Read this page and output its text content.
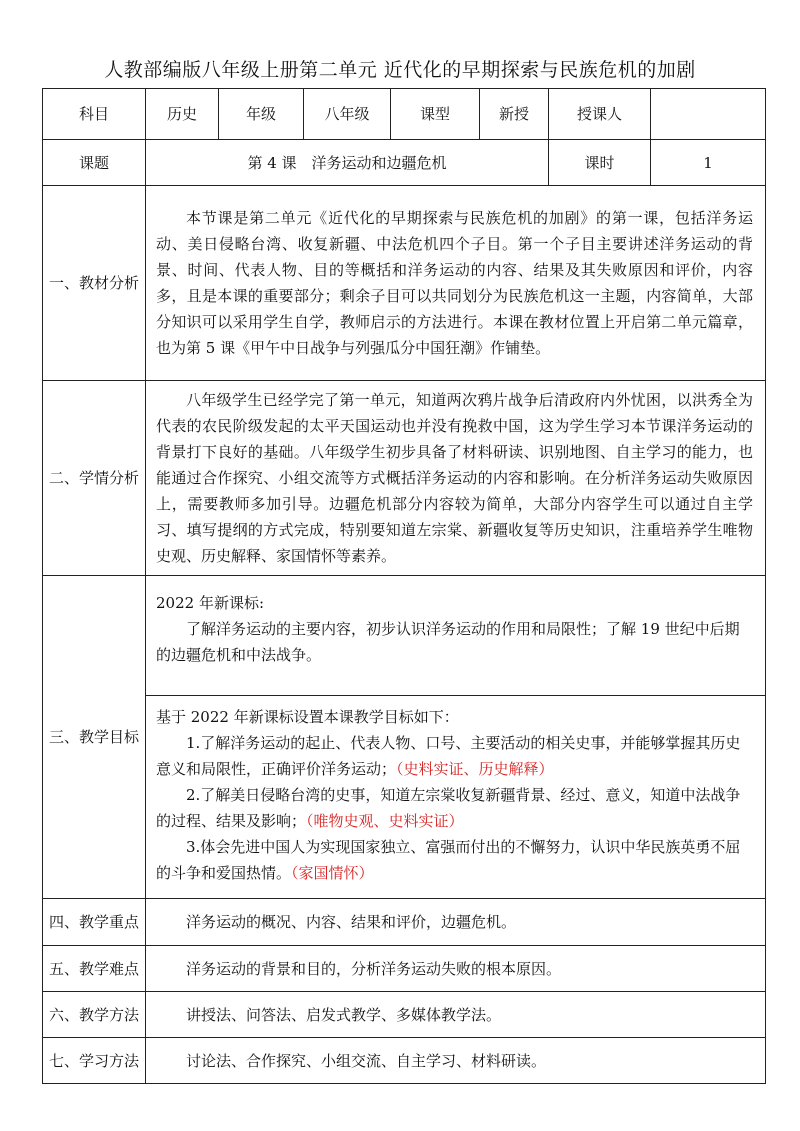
人教部编版八年级上册第二单元 近代化的早期探索与民族危机的加剧
科目	历史	年级	八年级	课型	新授	授课人	
课题	第 4 课　洋务运动和边疆危机					课时	1
一、教材分析	本节课是第二单元《近代化的早期探索与民族危机的加剧》的第一课，包括洋务运动、美日侵略台湾、收复新疆、中法危机四个子目。第一个子目主要讲述洋务运动的背景、时间、代表人物、目的等概括和洋务运动的内容、结果及其失败原因和评价，内容多，且是本课的重要部分；剩余子目可以共同划分为民族危机这一主题，内容简单，大部分知识可以采用学生自学，教师启示的方法进行。本课在教材位置上开启第二单元篇章，也为第 5 课《甲午中日战争与列强瓜分中国狂潮》作铺垫。						

二、学情分析	八年级学生已经学完了第一单元，知道两次鸦片战争后清政府内外忧困，以洪秀全为代表的农民阶级发起的太平天国运动也并没有挽救中国，这为学生学习本节课洋务运动的背景打下良好的基础。八年级学生初步具备了材料研读、识别地图、自主学习的能力，也能通过合作探究、小组交流等方式概括洋务运动的内容和影响。在分析洋务运动失败原因上，需要教师多加引导。边疆危机部分内容较为简单，大部分内容学生可以通过自主学习、填写提纲的方式完成，特别要知道左宗棠、新疆收复等历史知识，注重培养学生唯物史观、历史解释、家国情怀等素养。						

三、教学目标	2022 年新课标:

了解洋务运动的主要内容，初步认识洋务运动的作用和局限性；了解 19 世纪中后期的边疆危机和中法战争。						

	基于 2022 年新课标设置本课教学目标如下：

1.了解洋务运动的起止、代表人物、口号、主要活动的相关史事，并能够掌握其历史意义和局限性，正确评价洋务运动；（史料实证、历史解释）

2.了解美日侵略台湾的史事，知道左宗棠收复新疆背景、经过、意义，知道中法战争的过程、结果及影响；（唯物史观、史料实证）

3.体会先进中国人为实现国家独立、富强而付出的不懈努力，认识中华民族英勇不屈的斗争和爱国热情。（家国情怀）						

四、教学重点	洋务运动的概况、内容、结果和评价，边疆危机。						

五、教学难点	洋务运动的背景和目的，分析洋务运动失败的根本原因。						

六、教学方法	讲授法、问答法、启发式教学、多媒体教学法。						

七、学习方法	讨论法、合作探究、小组交流、自主学习、材料研读。						
